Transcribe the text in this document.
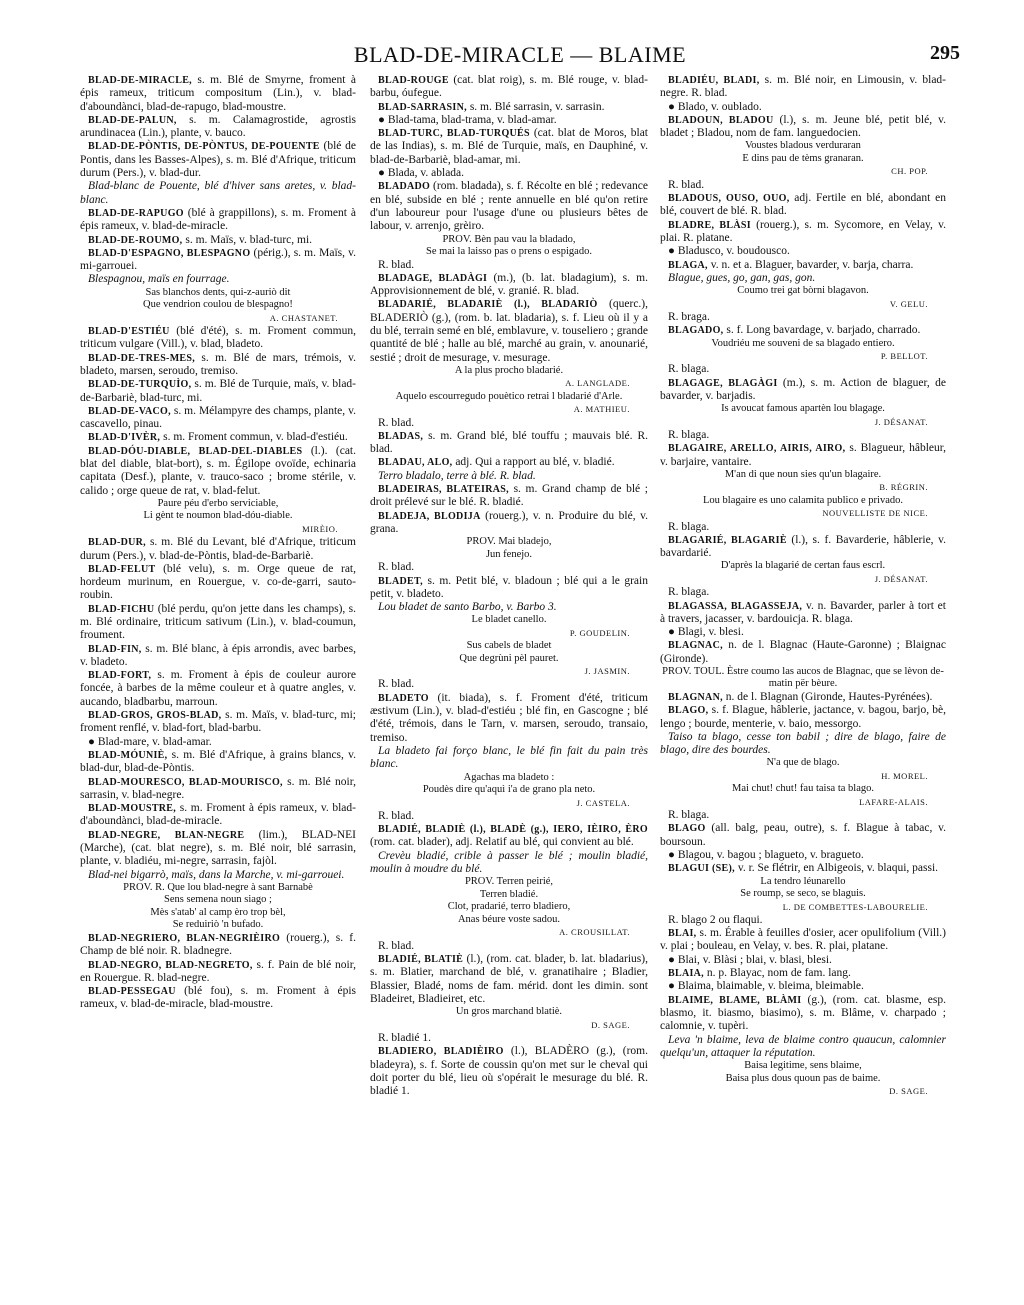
BLAD-DE-MIRACLE — BLAIME	295

BLAD-DE-MIRACLE, s. m. Blé de Smyrne, froment à épis rameux, triticum compositum (Lin.), v. blad-d'aboundànci, blad-de-rapugo, blad-moustre.

BLAD-DE-PALUN, s. m. Calamagrostide, agrostis arundinacea (Lin.), plante, v. bauco.

BLAD-DE-PÒNTIS, DE-PÒNTUS, DE-POUENTE (blé de Pontis, dans les Basses-Alpes), s. m. Blé d'Afrique, triticum durum (Pers.), v. blad-dur.

Blad-blanc de Pouente, blé d'hiver sans aretes, v. blad-blanc.

BLAD-DE-RAPUGO (blé à grappillons), s. m. Froment à épis rameux, v. blad-de-miracle.

BLAD-DE-ROUMO, s. m. Maïs, v. blad-turc, mi.

BLAD-D'ESPAGNO, BLESPAGNO (périg.), s. m. Maïs, v. mi-garrouei.

Blespagnou, maïs en fourrage.

Sas blanchos dents, qui-z-auriò dit

Que vendrion coulou de blespagno!

A. CHASTANET.

BLAD-D'ESTIÉU (blé d'été), s. m. Froment commun, triticum vulgare (Vill.), v. blad, bladeto.

BLAD-DE-TRES-MES, s. m. Blé de mars, trémois, v. bladeto, marsen, seroudo, tremiso.

BLAD-DE-TURQUÌO, s. m. Blé de Turquie, maïs, v. blad-de-Barbariè, blad-turc, mi.

BLAD-DE-VACO, s. m. Mélampyre des champs, plante, v. cascavello, pinau.

BLAD-D'IVÈR, s. m. Froment commun, v. blad-d'estiéu.

BLAD-DÓU-DIABLE, BLAD-DEL-DIABLES (l.). (cat. blat del diable, blat-bort), s. m. Égilope ovoïde, echinaria capitata (Desf.), plante, v. trauco-saco ; brome stérile, v. calido ; orge queue de rat, v. blad-felut.

Paure péu d'erbo serviciable,

Li gènt te noumon blad-dóu-diable.

MIRÈIO.

BLAD-DUR, s. m. Blé du Levant, blé d'Afrique, triticum durum (Pers.), v. blad-de-Pòntis, blad-de-Barbariè.

BLAD-FELUT (blé velu), s. m. Orge queue de rat, hordeum murinum, en Rouergue, v. co-de-garri, sauto-roubin.

BLAD-FICHU (blé perdu, qu'on jette dans les champs), s. m. Blé ordinaire, triticum sativum (Lin.), v. blad-coumun, froument.

BLAD-FIN, s. m. Blé blanc, à épis arrondis, avec barbes, v. bladeto.

BLAD-FORT, s. m. Froment à épis de couleur aurore foncée, à barbes de la même couleur et à quatre angles, v. aucando, bladbarbu, marroun.

BLAD-GROS, GROS-BLAD, s. m. Maïs, v. blad-turc, mi; froment renflé, v. blad-fort, blad-barbu.

● Blad-mare, v. blad-amar.

BLAD-MÓUNIÈ, s. m. Blé d'Afrique, à grains blancs, v. blad-dur, blad-de-Pòntis.

BLAD-MOURESCO, BLAD-MOURISCO, s. m. Blé noir, sarrasin, v. blad-negre.

BLAD-MOUSTRE, s. m. Froment à épis rameux, v. blad-d'aboundànci, blad-de-miracle.

BLAD-NEGRE, BLAN-NEGRE (lim.), BLAD-NEI (Marche), (cat. blat negre), s. m. Blé noir, blé sarrasin, plante, v. bladiéu, mi-negre, sarrasin, fajòl.

Blad-nei bigarrò, maïs, dans la Marche, v. mi-garrouei.

PROV. R. Que lou blad-negre à sant Barnabè

Sens semena noun siago ;

Mès s'atab' al camp èro trop bèl,

Se reduiriò 'n bufado.

BLAD-NEGRIERO, BLAN-NEGRIÈIRO (rouerg.), s. f. Champ de blé noir. R. bladnegre.

BLAD-NEGRO, BLAD-NEGRETO, s. f. Pain de blé noir, en Rouergue. R. blad-negre.

BLAD-PESSEGAU (blé fou), s. m. Froment à épis rameux, v. blad-de-miracle, blad-moustre.

BLAD-ROUGE (cat. blat roig), s. m. Blé rouge, v. blad-barbu, óufegue.

BLAD-SARRASIN, s. m. Blé sarrasin, v. sarrasin.

● Blad-tama, blad-trama, v. blad-amar.

BLAD-TURC, BLAD-TURQUÉS (cat. blat de Moros, blat de las Indias), s. m. Blé de Turquie, maïs, en Dauphiné, v. blad-de-Barbariè, blad-amar, mi.

● Blada, v. ablada.

BLADADO (rom. bladada), s. f. Récolte en blé ; redevance en blé, subside en blé ; rente annuelle en blé qu'on retire d'un laboureur pour l'usage d'une ou plusieurs bêtes de labour, v. arrenjo, grèiro.

PROV. Bèn pau vau la bladado,

Se mai la laisso pas o prens o espigado.

R. blad.

BLADAGE, BLADÀGI (m.), (b. lat. bladagium), s. m. Approvisionnement de blé, v. granié. R. blad.

BLADARIÉ, BLADARIÈ (l.), BLADARIÒ (querc.), BLADERIÒ (g.), (rom. b. lat. bladaria), s. f. Lieu où il y a du blé, terrain semé en blé, emblavure, v. touseliero ; grande quantité de blé ; halle au blé, marché au grain, v. anounarié, sestié ; droit de mesurage, v. mesurage.

A la plus procho bladarié.

A. LANGLADE.

Aquelo escourregudo pouètico retrai l bladarié d'Arle.

A. MATHIEU.

R. blad.

BLADAS, s. m. Grand blé, blé touffu ; mauvais blé. R. blad.

BLADAU, ALO, adj. Qui a rapport au blé, v. bladié.

Terro bladalo, terre à blé. R. blad.

BLADEIRAS, BLATEIRAS, s. m. Grand champ de blé ; droit prélevé sur le blé. R. bladié.

BLADEJA, BLODIJA (rouerg.), v. n. Produire du blé, v. grana.

PROV. Mai bladejo,

Jun fenejo.

R. blad.

BLADET, s. m. Petit blé, v. bladoun ; blé qui a le grain petit, v. bladeto.

Lou bladet de santo Barbo, v. Barbo 3.

Le bladet canello.

P. GOUDELIN.

Sus cabels de bladet

Que degrùni pèl pauret.

J. JASMIN.

R. blad.

BLADETO (it. biada), s. f. Froment d'été, triticum æstivum (Lin.), v. blad-d'estiéu ; blé fin, en Gascogne ; blé d'été, trémois, dans le Tarn, v. marsen, seroudo, transaio, tremiso.

La bladeto fai forço blanc, le blé fin fait du pain très blanc.

Agachas ma bladeto :

Poudès dire qu'aquì i'a de grano pla neto.

J. CASTELA.

R. blad.

BLADIÉ, BLADIÈ (l.), BLADÈ (g.), IERO, IÈIRO, ÈRO (rom. cat. blader), adj. Relatif au blé, qui convient au blé.

Crevèu bladié, crible à passer le blé ; moulin bladié, moulin à moudre du blé.

PROV. Terren peirié,

Terren bladié.

Clot, pradarié, terro bladiero,

Anas béure voste sadou.

A. CROUSILLAT.

R. blad.

BLADIÉ, BLATIÈ (l.), (rom. cat. blader, b. lat. bladarius), s. m. Blatier, marchand de blé, v. granatihaire ; Bladier, Blassier, Bladé, noms de fam. mérid. dont les dimin. sont Bladeiret, Bladieiret, etc.

Un gros marchand blatiè.

D. SAGE.

R. bladié 1.

BLADIERO, BLADIÈIRO (l.), BLADÈRO (g.), (rom. bladeyra), s. f. Sorte de coussin qu'on met sur le cheval qui doit porter du blé, lieu où s'opérait le mesurage du blé. R. bladié 1.

BLADIÉU, BLADI, s. m. Blé noir, en Limousin, v. blad-negre. R. blad.

● Blado, v. oublado.

BLADOUN, BLADOU (l.), s. m. Jeune blé, petit blé, v. bladet ; Bladou, nom de fam. languedocien.

Voustes bladous verduraran

E dins pau de tèms granaran.

CH. POP.

R. blad.

BLADOUS, OUSO, OUO, adj. Fertile en blé, abondant en blé, couvert de blé. R. blad.

BLADRE, BLÀSI (rouerg.), s. m. Sycomore, en Velay, v. plai. R. platane.

● Bladusco, v. boudousco.

BLAGA, v. n. et a. Blaguer, bavarder, v. barja, charra.

Blague, gues, go, gan, gas, gon.

Coumo trei gat bòrni blagavon.

V. GELU.

R. braga.

BLAGADO, s. f. Long bavardage, v. barjado, charrado.

Voudriéu me souveni de sa blagado entiero.

P. BELLOT.

R. blaga.

BLAGAGE, BLAGÀGI (m.), s. m. Action de blaguer, de bavarder, v. barjadis.

Is avoucat famous apartèn lou blagage.

J. DÉSANAT.

R. blaga.

BLAGAIRE, ARELLO, AIRIS, AIRO, s. Blagueur, hâbleur, v. barjaire, vantaire.

M'an di que noun sies qu'un blagaire.

B. RÉGRIN.

Lou blagaire es uno calamita publico e privado.

NOUVELLISTE DE NICE.

R. blaga.

BLAGARIÉ, BLAGARIÈ (l.), s. f. Bavarderie, hâblerie, v. bavardarié.

D'après la blagarié de certan faus escrl.

J. DÉSANAT.

R. blaga.

BLAGASSA, BLAGASSEJA, v. n. Bavarder, parler à tort et à travers, jacasser, v. bardouicja. R. blaga.

● Blagi, v. blesi.

BLAGNAC, n. de l. Blagnac (Haute-Garonne) ; Blaignac (Gironde).

PROV. TOUL. Èstre coumo las aucos de Blagnac, que se lèvon de-matin për bèure.

BLAGNAN, n. de l. Blagnan (Gironde, Hautes-Pyrénées).

BLAGO, s. f. Blague, hâblerie, jactance, v. bagou, barjo, bè, lengo ; bourde, menterie, v. baio, messorgo.

Taiso ta blago, cesse ton babil ; dire de blago, faire de blago, dire des bourdes.

N'a que de blago.

H. MOREL.

Mai chut! chut! fau taisa ta blago.

LAFARE-ALAIS.

R. blaga.

BLAGO (all. balg, peau, outre), s. f. Blague à tabac, v. boursoun.

● Blagou, v. bagou ; blagueto, v. bragueto.

BLAGUI (SE), v. r. Se flétrir, en Albigeois, v. blaqui, passi.

La tendro léunarello

Se roump, se seco, se blaguis.

L. DE COMBETTES-LABOURELIE.

R. blago 2 ou flaqui.

BLAI, s. m. Érable à feuilles d'osier, acer opulifolium (Vill.) v. plai ; bouleau, en Velay, v. bes. R. plai, platane.

● Blai, v. Blàsi ; blai, v. blasi, blesi.

BLAIA, n. p. Blayac, nom de fam. lang.

● Blaima, blaimable, v. bleima, bleimable.

BLAIME, BLAME, BLÀMI (g.), (rom. cat. blasme, esp. blasmo, it. biasmo, biasimo), s. m. Blâme, v. charpado ; calomnie, v. tupèri.

Leva 'n blaime, leva de blaime contro quaucun, calomnier quelqu'un, attaquer la réputation.

Baisa legitime, sens blaime,

Baisa plus dous quoun pas de baime.

D. SAGE.
